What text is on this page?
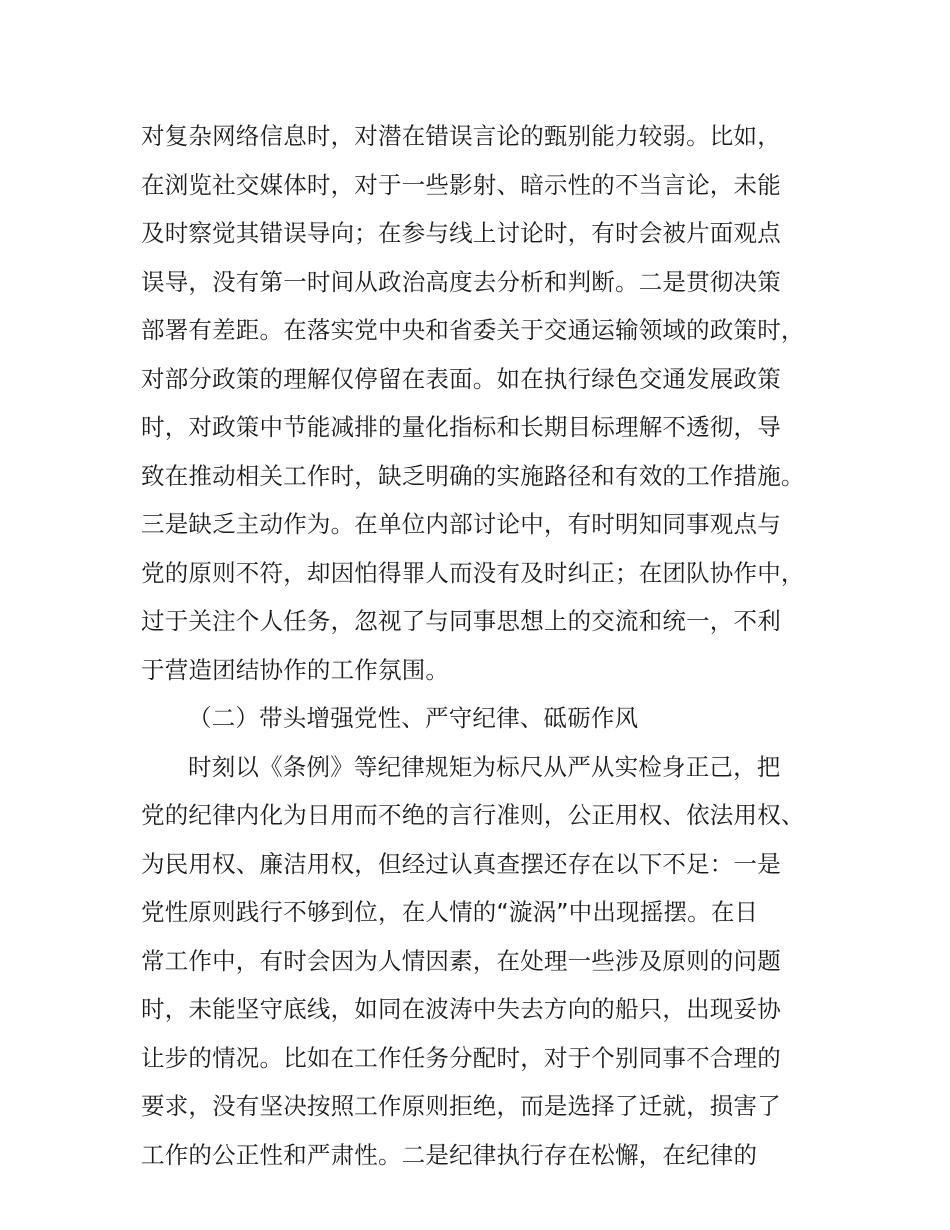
对复杂网络信息时，对潜在错误言论的甄别能力较弱。比如，
在浏览社交媒体时，对于一些影射、暗示性的不当言论，未能
及时察觉其错误导向；在参与线上讨论时，有时会被片面观点
误导，没有第一时间从政治高度去分析和判断。二是贯彻决策
部署有差距。在落实党中央和省委关于交通运输领域的政策时，
对部分政策的理解仅停留在表面。如在执行绿色交通发展政策
时，对政策中节能减排的量化指标和长期目标理解不透彻，导
致在推动相关工作时，缺乏明确的实施路径和有效的工作措施。
三是缺乏主动作为。在单位内部讨论中，有时明知同事观点与
党的原则不符，却因怕得罪人而没有及时纠正；在团队协作中，
过于关注个人任务，忽视了与同事思想上的交流和统一，不利
于营造团结协作的工作氛围。
（二）带头增强党性、严守纪律、砥砺作风
时刻以《条例》等纪律规矩为标尺从严从实检身正己，把
党的纪律内化为日用而不绝的言行准则，公正用权、依法用权、
为民用权、廉洁用权，但经过认真查摆还存在以下不足：一是
党性原则践行不够到位，在人情的“漩涡”中出现摇摆。在日
常工作中，有时会因为人情因素，在处理一些涉及原则的问题
时，未能坚守底线，如同在波涛中失去方向的船只，出现妥协
让步的情况。比如在工作任务分配时，对于个别同事不合理的
要求，没有坚决按照工作原则拒绝，而是选择了迁就，损害了
工作的公正性和严肃性。二是纪律执行存在松懈，在纪律的
